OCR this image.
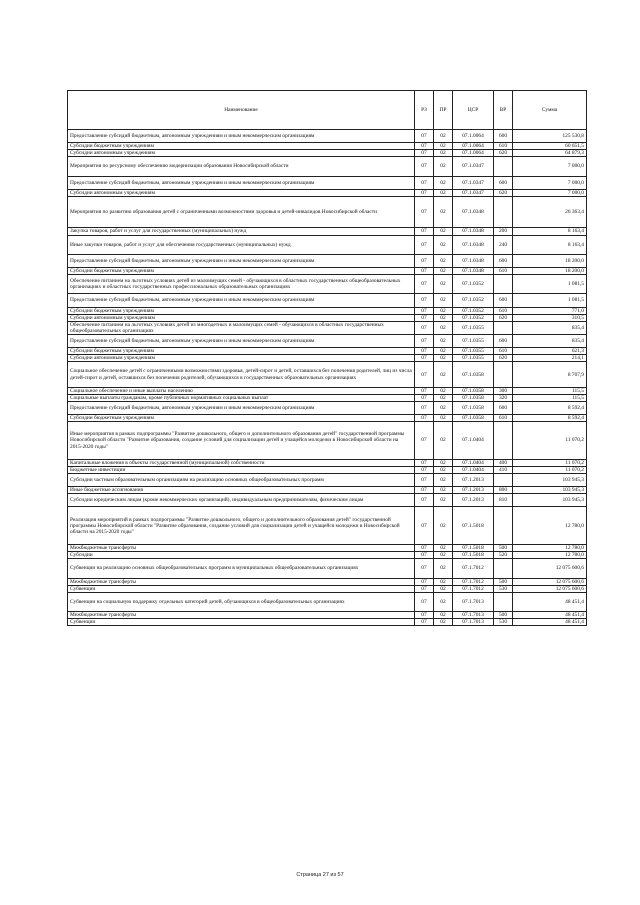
Наименование	РЗ	ПР	ЦСР	ВР	Сумма
Предоставление субсидий бюджетным, автономным учреждениям и иным некоммерческим организациям	07	02	07.1.0064	600	125 530,8
Субсидии бюджетным учреждениям	07	02	07.1.0064	610	60 651,5
Субсидии автономным учреждениям	07	02	07.1.0064	620	64 879,3
Мероприятия по ресурсному обеспечению модернизации образования Новосибирской области	07	02	07.1.0347		7 000,0
Предоставление субсидий бюджетным, автономным учреждениям и иным некоммерческим организациям	07	02	07.1.0347	600	7 000,0
Субсидии автономным учреждениям	07	02	07.1.0347	620	7 000,0
Мероприятия по развитию образования детей с ограниченными возможностями здоровья и детей-инвалидов Новосибирской области	07	02	07.1.0348		26 363,4
Закупка товаров, работ и услуг для государственных (муниципальных) нужд	07	02	07.1.0348	200	8 163,4
Иные закупки товаров, работ и услуг для обеспечения государственных (муниципальных) нужд	07	02	07.1.0348	240	8 163,4
Предоставление субсидий бюджетным, автономным учреждениям и иным некоммерческим организациям	07	02	07.1.0348	600	18 200,0
Субсидии бюджетным учреждениям	07	02	07.1.0348	610	18 200,0
Обеспечение питанием на льготных условиях детей из малоимущих семей - обучающихся в областных государственных общеобразовательных организациях и областных государственных профессиональных образовательных организациях	07	02	07.1.0352		1 081,5
Предоставление субсидий бюджетным, автономным учреждениям и иным некоммерческим организациям	07	02	07.1.0352	600	1 081,5
Субсидии бюджетным учреждениям	07	02	07.1.0352	610	771,0
Субсидии автономным учреждениям	07	02	07.1.0352	620	310,5
Обеспечение питанием на льготных условиях детей из многодетных и малоимущих семей - обучающихся в областных государственных общеобразовательных организациях	07	02	07.1.0355		835,4
Предоставление субсидий бюджетным, автономным учреждениям и иным некоммерческим организациям	07	02	07.1.0355	600	835,4
Субсидии бюджетным учреждениям	07	02	07.1.0355	610	621,3
Субсидии автономным учреждениям	07	02	07.1.0355	620	214,1
Социальное обеспечение детей с ограниченными возможностями здоровья, детей-сирот и детей, оставшихся без попечения родителей, лиц из числа детей-сирот и детей, оставшихся без попечения родителей, обучающихся в государственных образовательных организациях	07	02	07.1.0358		8 707,9
Социальное обеспечение и иные выплаты населению	07	02	07.1.0358	300	115,5
Социальные выплаты гражданам, кроме публичных нормативных социальных выплат	07	02	07.1.0358	320	115,5
Предоставление субсидий бюджетным, автономным учреждениям и иным некоммерческим организациям	07	02	07.1.0358	600	8 592,4
Субсидии бюджетным учреждениям	07	02	07.1.0358	610	8 592,4
Иные мероприятия в рамках подпрограммы "Развитие дошкольного, общего и дополнительного образования детей" государственной программы Новосибирской области "Развитие образования, создание условий для социализации детей и учащейся молодежи в Новосибирской области на 2015-2020 годы"	07	02	07.1.0404		11 070,2
Капитальные вложения в объекты государственной (муниципальной) собственности	07	02	07.1.0404	400	11 070,2
Бюджетные инвестиции	07	02	07.1.0404	410	11 070,2
Субсидии частным образовательным организациям на реализацию основных общеобразовательных программ	07	02	07.1.2013		103 945,3
Иные бюджетные ассигнования	07	02	07.1.2013	800	103 945,3
Субсидии юридическим лицам (кроме некоммерческих организаций), индивидуальным предпринимателям, физическим лицам	07	02	07.1.2013	810	103 945,3
Реализация мероприятий в рамках подпрограммы "Развитие дошкольного, общего и дополнительного образования детей" государственной программы Новосибирской области "Развитие образования, создание условий для социализации детей и учащейся молодежи в Новосибирской области на 2015-2020 годы"	07	02	07.1.5018		12 780,0
Межбюджетные трансферты	07	02	07.1.5018	500	12 780,0
Субсидии	07	02	07.1.5018	520	12 780,0
Субвенции на реализацию основных общеобразовательных программ в муниципальных общеобразовательных организациях	07	02	07.1.7012		12 075 600,6
Межбюджетные трансферты	07	02	07.1.7012	500	12 075 600,6
Субвенции	07	02	07.1.7012	530	12 075 600,6
Субвенции на социальную поддержку отдельных категорий детей, обучающихся в общеобразовательных организациях	07	02	07.1.7013		48 451,4
Межбюджетные трансферты	07	02	07.1.7013	500	48 451,4
Субвенции	07	02	07.1.7013	530	48 451,4
Страница 27 из 57
